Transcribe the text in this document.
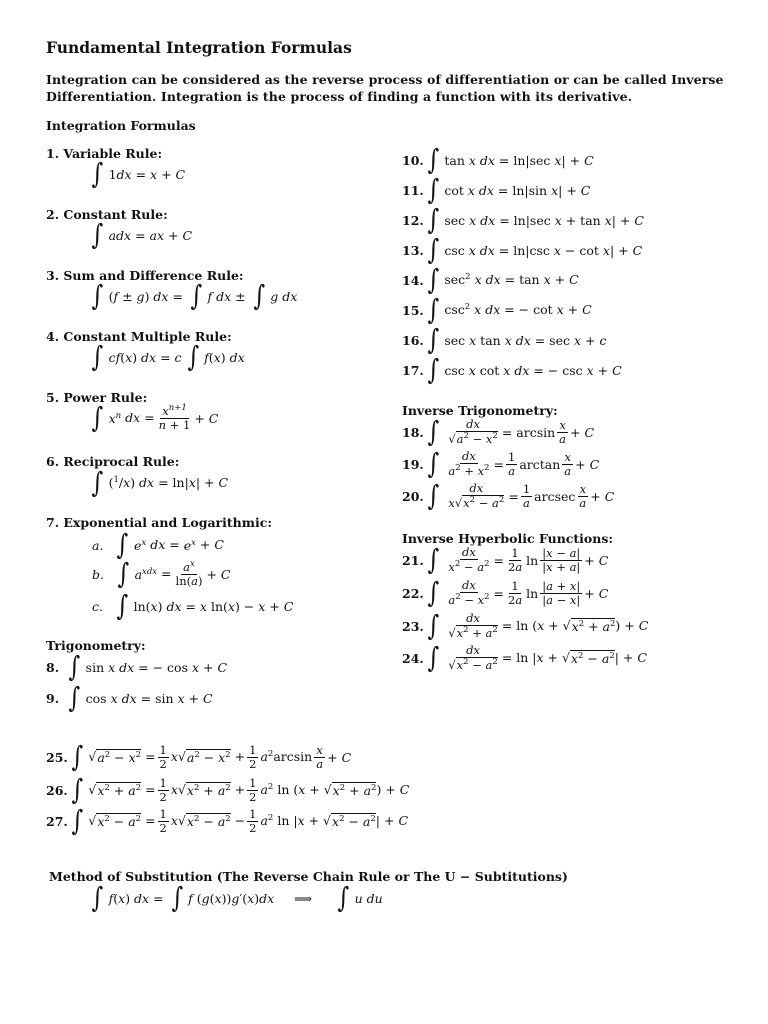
Fundamental Integration Formulas
Integration can be considered as the reverse process of differentiation or can be called Inverse Differentiation. Integration is the process of finding a function with its derivative.
Integration Formulas
1. Variable Rule:
∫ 1dx = x + C
2. Constant Rule:
∫ adx = ax + C
3. Sum and Difference Rule:
∫ (f ± g) dx = ∫ f dx ± ∫ g dx
4. Constant Multiple Rule:
∫ cf(x) dx = c ∫ f(x) dx
5. Power Rule:
∫ $x^n$ dx = $\frac{x^{n+1}}{n + 1} + C$
6. Reciprocal Rule:
∫ ($^1$/x) dx = ln|x| + C
7. Exponential and Logarithmic:
a. ∫ $e^x$ dx = $e^x + C$
b. ∫ $a^{xdx} = \frac{a^x}{\ln(a)} + C$
c. ∫ ln(x) dx = x ln(x) − x + C
Trigonometry:
8. ∫ sin x dx = − cos x + C
9. ∫ cos x dx = sin x + C
10. ∫ tan x dx = ln|sec x| + C
11. ∫ cot x dx = ln|sin x| + C
12. ∫ sec x dx = ln|sec x + tan x| + C
13. ∫ csc x dx = ln|csc x − cot x| + C
14. ∫ $\sec^2 x$ dx = tan x + C
15. ∫ $\csc^2 x$ dx = − cot x + C
16. ∫ sec x tan x dx = sec x + c
17. ∫ csc x cot x dx = − csc x + C
Inverse Trigonometry:
18. ∫ $\frac{dx}{√a^2 - x^2} = \arcsin \frac{x}{a} + C$
19. ∫ $\frac{dx}{a^2 + x^2} = \frac{1}{a}$ $\arctan \frac{x}{a} + C$
20. ∫ $\frac{dx}{x√x^2 - a^2} = \frac{1}{a}$ arcsec $\frac{x}{a} + C$
Inverse Hyperbolic Functions:
21. ∫ $\frac{dx}{x^2 - a^2} = \frac{1}{2a}$ $\ln \frac{|x - a|}{|x + a|} + C$
22. ∫ $\frac{dx}{a^2 - x^2} = \frac{1}{2a}$ $\ln \frac{|a + x|}{|a - x|} + C$
23. ∫ $\frac{dx}{√x^2 + a^2} = \ln (x + √x^2 + a^2) + C$
24. ∫ $\frac{dx}{√x^2 - a^2} = \ln |x + √x^2 - a^2| + C$
25. ∫ $√a^2 - x^2 = \frac{1}{2} x√a^2 - x^2 + \frac{1}{2} a^2\arcsin \frac{x}{a} + C$
26. ∫ $√x^2 + a^2 = \frac{1}{2} x√x^2 + a^2 + \frac{1}{2} a^2$ $\ln (x + √x^2 + a^2) + C$
27. ∫ $√x^2 - a^2 = \frac{1}{2} x√x^2 - a^2 - \frac{1}{2} a^2$ $\ln |x + √x^2 - a^2| + C$
Method of Substitution (The Reverse Chain Rule or The U − Subtitutions)
∫ f(x) dx = ∫ f (g(x))g′(x)dx ⟹ ∫ u du
